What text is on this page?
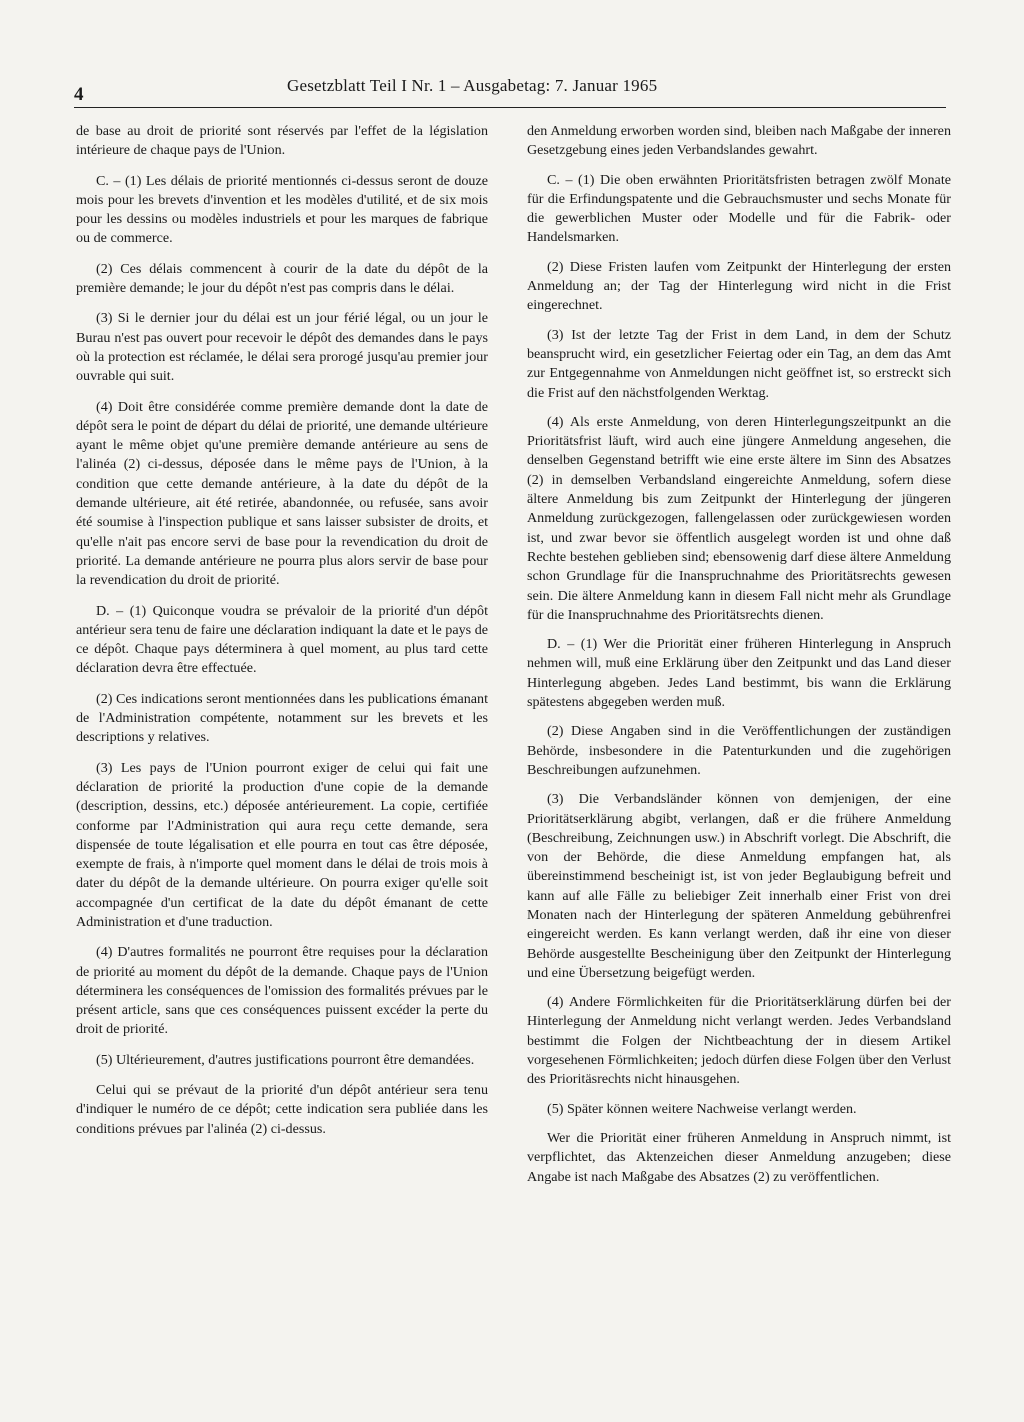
4	Gesetzblatt Teil I Nr. 1 – Ausgabetag: 7. Januar 1965

de base au droit de priorité sont réservés par l'effet de la législation intérieure de chaque pays de l'Union.

C. – (1) Les délais de priorité mentionnés ci-dessus seront de douze mois pour les brevets d'invention et les modèles d'utilité, et de six mois pour les dessins ou modèles industriels et pour les marques de fabrique ou de commerce.

(2) Ces délais commencent à courir de la date du dépôt de la première demande; le jour du dépôt n'est pas compris dans le délai.

(3) Si le dernier jour du délai est un jour férié légal, ou un jour le Burau n'est pas ouvert pour recevoir le dépôt des demandes dans le pays où la protection est réclamée, le délai sera prorogé jusqu'au premier jour ouvrable qui suit.

(4) Doit être considérée comme première demande dont la date de dépôt sera le point de départ du délai de priorité, une demande ultérieure ayant le même objet qu'une première demande antérieure au sens de l'alinéa (2) ci-dessus, déposée dans le même pays de l'Union, à la condition que cette demande antérieure, à la date du dépôt de la demande ultérieure, ait été retirée, abandonnée, ou refusée, sans avoir été soumise à l'inspection publique et sans laisser subsister de droits, et qu'elle n'ait pas encore servi de base pour la revendication du droit de priorité. La demande antérieure ne pourra plus alors servir de base pour la revendication du droit de priorité.

D. – (1) Quiconque voudra se prévaloir de la priorité d'un dépôt antérieur sera tenu de faire une déclaration indiquant la date et le pays de ce dépôt. Chaque pays déterminera à quel moment, au plus tard cette déclaration devra être effectuée.

(2) Ces indications seront mentionnées dans les publications émanant de l'Administration compétente, notamment sur les brevets et les descriptions y relatives.

(3) Les pays de l'Union pourront exiger de celui qui fait une déclaration de priorité la production d'une copie de la demande (description, dessins, etc.) déposée antérieurement. La copie, certifiée conforme par l'Administration qui aura reçu cette demande, sera dispensée de toute légalisation et elle pourra en tout cas être déposée, exempte de frais, à n'importe quel moment dans le délai de trois mois à dater du dépôt de la demande ultérieure. On pourra exiger qu'elle soit accompagnée d'un certificat de la date du dépôt émanant de cette Administration et d'une traduction.

(4) D'autres formalités ne pourront être requises pour la déclaration de priorité au moment du dépôt de la demande. Chaque pays de l'Union déterminera les conséquences de l'omission des formalités prévues par le présent article, sans que ces conséquences puissent excéder la perte du droit de priorité.

(5) Ultérieurement, d'autres justifications pourront être demandées.

Celui qui se prévaut de la priorité d'un dépôt antérieur sera tenu d'indiquer le numéro de ce dépôt; cette indication sera publiée dans les conditions prévues par l'alinéa (2) ci-dessus.

den Anmeldung erworben worden sind, bleiben nach Maßgabe der inneren Gesetzgebung eines jeden Verbandslandes gewahrt.

C. – (1) Die oben erwähnten Prioritätsfristen betragen zwölf Monate für die Erfindungspatente und die Gebrauchsmuster und sechs Monate für die gewerblichen Muster oder Modelle und für die Fabrik- oder Handelsmarken.

(2) Diese Fristen laufen vom Zeitpunkt der Hinterlegung der ersten Anmeldung an; der Tag der Hinterlegung wird nicht in die Frist eingerechnet.

(3) Ist der letzte Tag der Frist in dem Land, in dem der Schutz beansprucht wird, ein gesetzlicher Feiertag oder ein Tag, an dem das Amt zur Entgegennahme von Anmeldungen nicht geöffnet ist, so erstreckt sich die Frist auf den nächstfolgenden Werktag.

(4) Als erste Anmeldung, von deren Hinterlegungszeitpunkt an die Prioritätsfrist läuft, wird auch eine jüngere Anmeldung angesehen, die denselben Gegenstand betrifft wie eine erste ältere im Sinn des Absatzes (2) in demselben Verbandsland eingereichte Anmeldung, sofern diese ältere Anmeldung bis zum Zeitpunkt der Hinterlegung der jüngeren Anmeldung zurückgezogen, fallengelassen oder zurückgewiesen worden ist, und zwar bevor sie öffentlich ausgelegt worden ist und ohne daß Rechte bestehen geblieben sind; ebensowenig darf diese ältere Anmeldung schon Grundlage für die Inanspruchnahme des Prioritätsrechts gewesen sein. Die ältere Anmeldung kann in diesem Fall nicht mehr als Grundlage für die Inanspruchnahme des Prioritätsrechts dienen.

D. – (1) Wer die Priorität einer früheren Hinterlegung in Anspruch nehmen will, muß eine Erklärung über den Zeitpunkt und das Land dieser Hinterlegung abgeben. Jedes Land bestimmt, bis wann die Erklärung spätestens abgegeben werden muß.

(2) Diese Angaben sind in die Veröffentlichungen der zuständigen Behörde, insbesondere in die Patenturkunden und die zugehörigen Beschreibungen aufzunehmen.

(3) Die Verbandsländer können von demjenigen, der eine Prioritätserklärung abgibt, verlangen, daß er die frühere Anmeldung (Beschreibung, Zeichnungen usw.) in Abschrift vorlegt. Die Abschrift, die von der Behörde, die diese Anmeldung empfangen hat, als übereinstimmend bescheinigt ist, ist von jeder Beglaubigung befreit und kann auf alle Fälle zu beliebiger Zeit innerhalb einer Frist von drei Monaten nach der Hinterlegung der späteren Anmeldung gebührenfrei eingereicht werden. Es kann verlangt werden, daß ihr eine von dieser Behörde ausgestellte Bescheinigung über den Zeitpunkt der Hinterlegung und eine Übersetzung beigefügt werden.

(4) Andere Förmlichkeiten für die Prioritätserklärung dürfen bei der Hinterlegung der Anmeldung nicht verlangt werden. Jedes Verbandsland bestimmt die Folgen der Nichtbeachtung der in diesem Artikel vorgesehenen Förmlichkeiten; jedoch dürfen diese Folgen über den Verlust des Prioritäsrechts nicht hinausgehen.

(5) Später können weitere Nachweise verlangt werden.

Wer die Priorität einer früheren Anmeldung in Anspruch nimmt, ist verpflichtet, das Aktenzeichen dieser Anmeldung anzugeben; diese Angabe ist nach Maßgabe des Absatzes (2) zu veröffentlichen.
